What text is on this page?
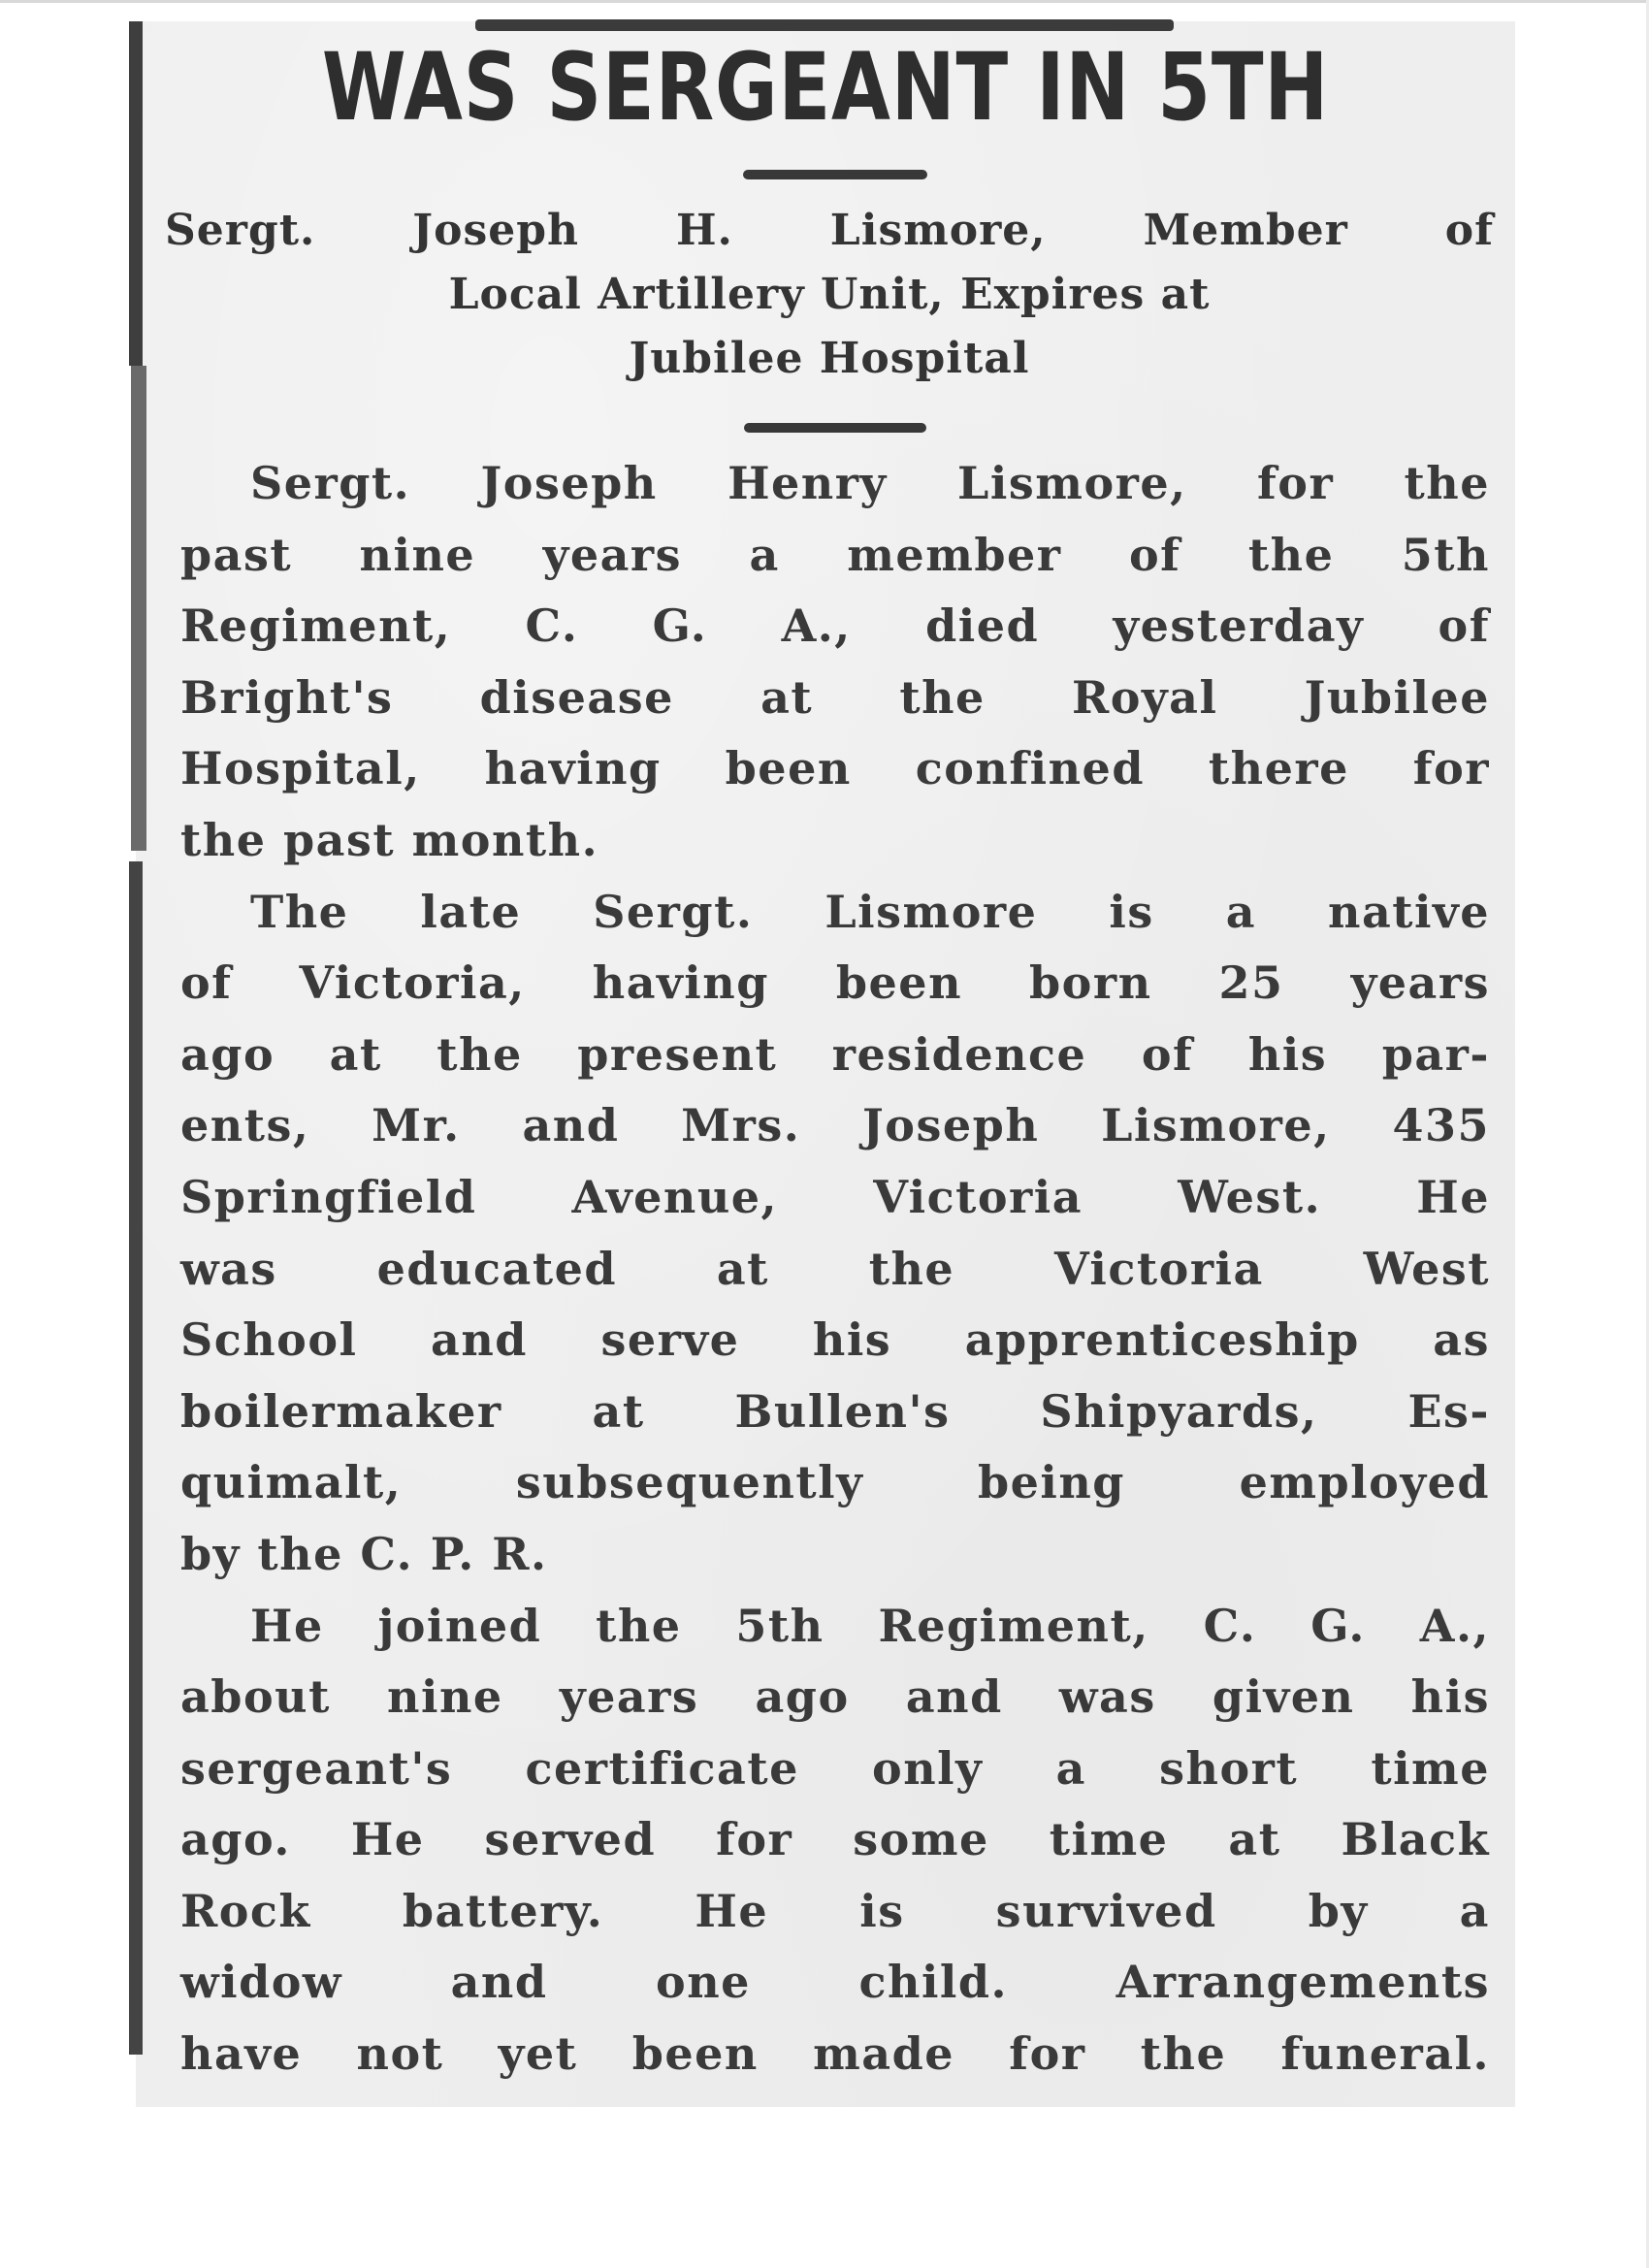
WAS SERGEANT IN 5TH
Sergt. Joseph H. Lismore, Member of
Local Artillery Unit, Expires at
Jubilee Hospital
Sergt. Joseph Henry Lismore, for the
past nine years a member of the 5th
Regiment, C. G. A., died yesterday of
Bright's disease at the Royal Jubilee
Hospital, having been confined there for
the past month.
The late Sergt. Lismore is a native
of Victoria, having been born 25 years
ago at the present residence of his par-
ents, Mr. and Mrs. Joseph Lismore, 435
Springfield Avenue, Victoria West. He
was educated at the Victoria West
School and serve his apprenticeship as
boilermaker at Bullen's Shipyards, Es-
quimalt, subsequently being employed
by the C. P. R.
He joined the 5th Regiment, C. G. A.,
about nine years ago and was given his
sergeant's certificate only a short time
ago. He served for some time at Black
Rock battery. He is survived by a
widow and one child. Arrangements
have not yet been made for the funeral.
